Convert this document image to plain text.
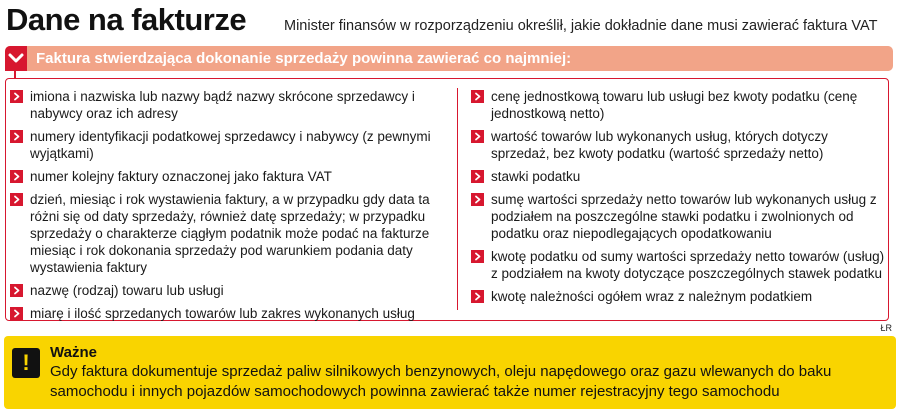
Dane na fakturze	Minister finansów w rozporządzeniu określił, jakie dokładnie dane musi zawierać faktura VAT

Faktura stwierdzająca dokonanie sprzedaży powinna zawierać co najmniej:

imiona i nazwiska lub nazwy bądź nazwy skrócone sprzedawcy i nabywcy oraz ich adresy
numery identyfikacji podatkowej sprzedawcy i nabywcy (z pewnymi wyjątkami)
numer kolejny faktury oznaczonej jako faktura VAT
dzień, miesiąc i rok wystawienia faktury, a w przypadku gdy data ta różni się od daty sprzedaży, również datę sprzedaży; w przypadku sprzedaży o charakterze ciągłym podatnik może podać na fakturze miesiąc i rok dokonania sprzedaży pod warunkiem podania daty wystawienia faktury
nazwę (rodzaj) towaru lub usługi
miarę i ilość sprzedanych towarów lub zakres wykonanych usług
cenę jednostkową towaru lub usługi bez kwoty podatku (cenę jednostkową netto)
wartość towarów lub wykonanych usług, których dotyczy sprzedaż, bez kwoty podatku (wartość sprzedaży netto)
stawki podatku
sumę wartości sprzedaży netto towarów lub wykonanych usług z podziałem na poszczególne stawki podatku i zwolnionych od podatku oraz niepodlegających opodatkowaniu
kwotę podatku od sumy wartości sprzedaży netto towarów (usług) z podziałem na kwoty dotyczące poszczególnych stawek podatku
kwotę należności ogółem wraz z należnym podatkiem

ŁR

!	Ważne

Gdy faktura dokumentuje sprzedaż paliw silnikowych benzynowych, oleju napędowego oraz gazu wlewanych do baku samochodu i innych pojazdów samochodowych powinna zawierać także numer rejestracyjny tego samochodu
